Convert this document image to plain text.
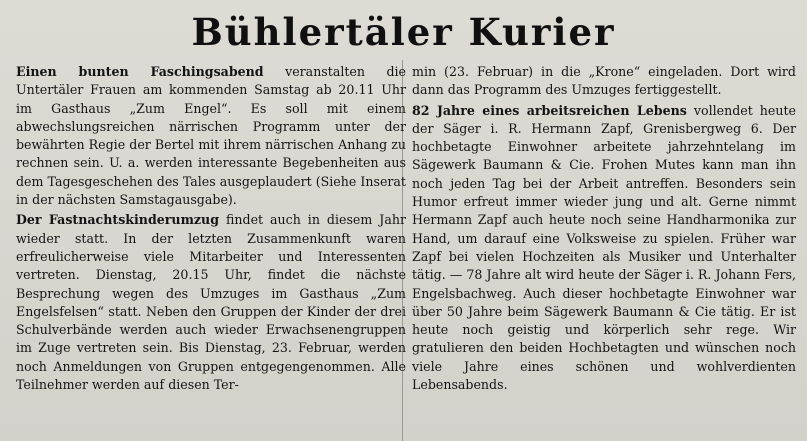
Bühlertäler Kurier

Einen bunten Faschingsabend veranstalten die Untertäler Frauen am kommenden Samstag ab 20.11 Uhr im Gasthaus „Zum Engel“. Es soll mit einem abwechslungsreichen närrischen Programm unter der bewährten Regie der Bertel mit ihrem närrischen Anhang zu rechnen sein. U. a. werden interessante Begebenheiten aus dem Tagesgeschehen des Tales ausgeplaudert (Siehe Inserat in der nächsten Samstagausgabe).

Der Fastnachtskinderumzug findet auch in diesem Jahr wieder statt. In der letzten Zusammenkunft waren erfreulicherweise viele Mitarbeiter und Interessenten vertreten. Dienstag, 20.15 Uhr, findet die nächste Besprechung wegen des Umzuges im Gasthaus „Zum Engelsfelsen“ statt. Neben den Gruppen der Kinder der drei Schulverbände werden auch wieder Erwachsenengruppen im Zuge vertreten sein. Bis Dienstag, 23. Februar, werden noch Anmeldungen von Gruppen entgegengenommen. Alle Teilnehmer werden auf diesen Ter-

min (23. Februar) in die „Krone“ eingeladen. Dort wird dann das Programm des Umzuges fertiggestellt.

82 Jahre eines arbeitsreichen Lebens vollendet heute der Säger i. R. Hermann Zapf, Grenisbergweg 6. Der hochbetagte Einwohner arbeitete jahrzehntelang im Sägewerk Baumann & Cie. Frohen Mutes kann man ihn noch jeden Tag bei der Arbeit antreffen. Besonders sein Humor erfreut immer wieder jung und alt. Gerne nimmt Hermann Zapf auch heute noch seine Handharmonika zur Hand, um darauf eine Volksweise zu spielen. Früher war Zapf bei vielen Hochzeiten als Musiker und Unterhalter tätig. — 78 Jahre alt wird heute der Säger i. R. Johann Fers, Engelsbachweg. Auch dieser hochbetagte Einwohner war über 50 Jahre beim Sägewerk Baumann & Cie tätig. Er ist heute noch geistig und körperlich sehr rege. Wir gratulieren den beiden Hochbetagten und wünschen noch viele Jahre eines schönen und wohlverdienten Lebensabends.
